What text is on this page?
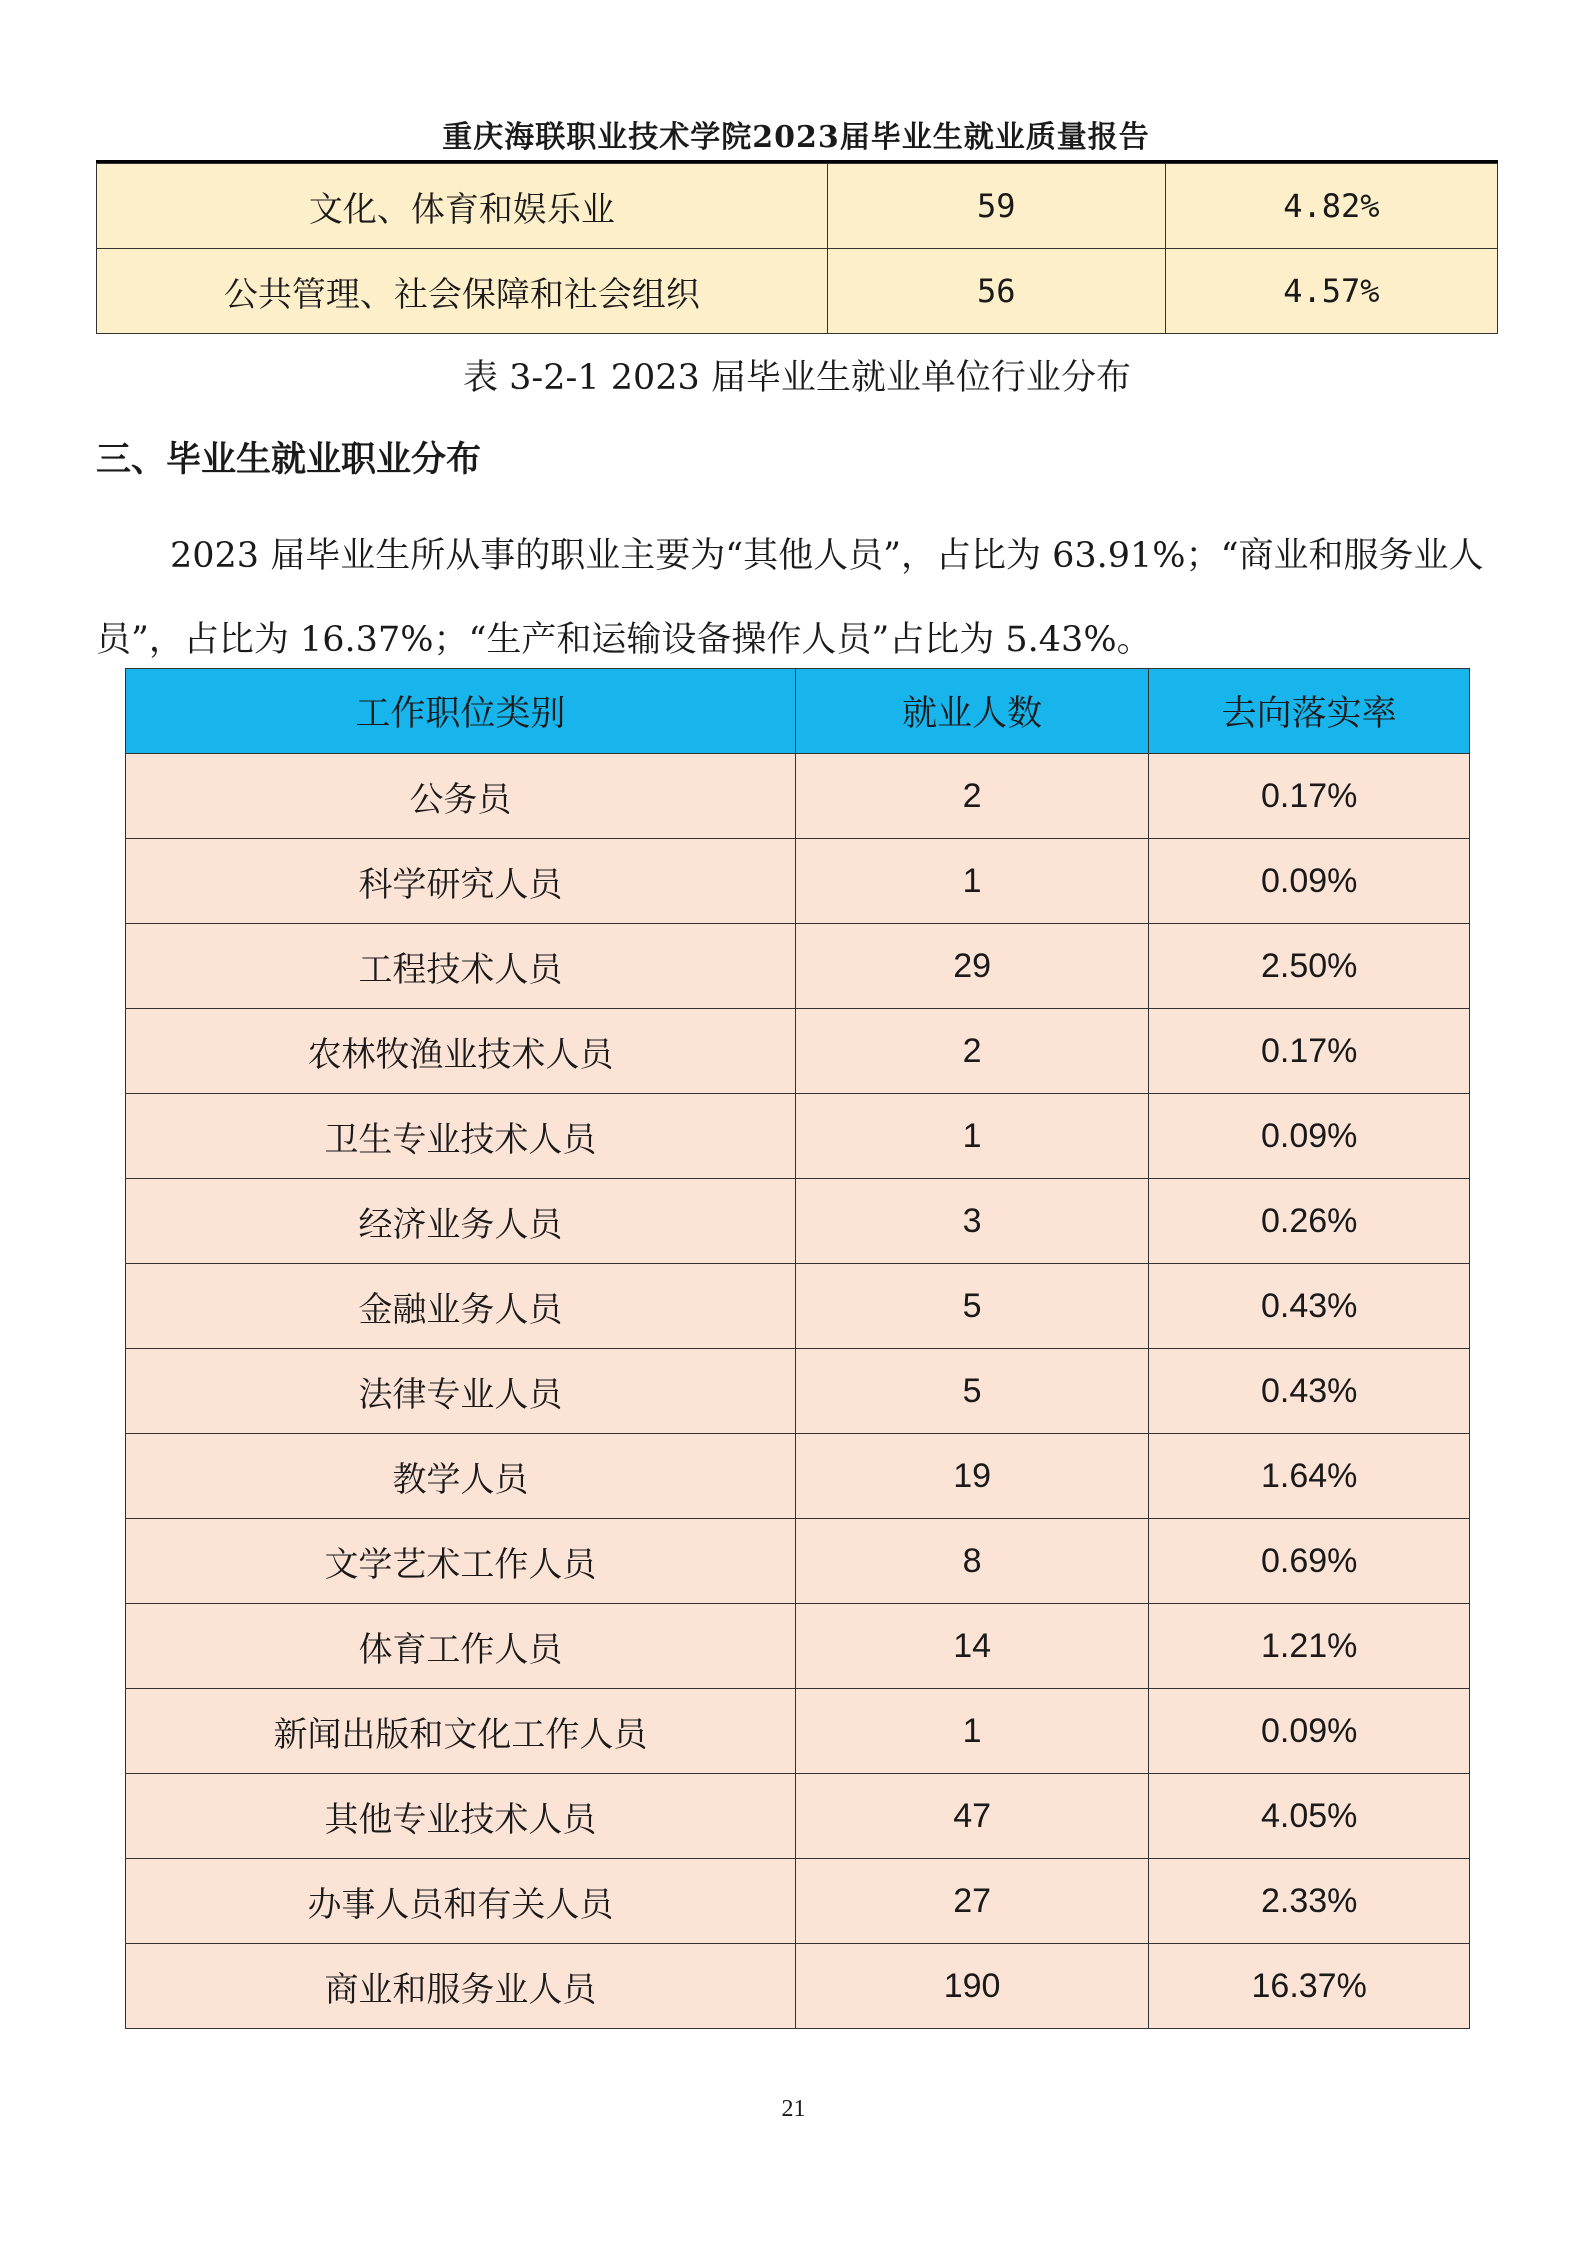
重庆海联职业技术学院2023届毕业生就业质量报告
文化、体育和娱乐业	59	4.82%
公共管理、社会保障和社会组织	56	4.57%
表 3-2-1 2023 届毕业生就业单位行业分布
三、毕业生就业职业分布
2023 届毕业生所从事的职业主要为“其他人员”，占比为 63.91%；“商业和服务业人员”，占比为 16.37%；“生产和运输设备操作人员”占比为 5.43%。
工作职位类别	就业人数	去向落实率
公务员	2	0.17%
科学研究人员	1	0.09%
工程技术人员	29	2.50%
农林牧渔业技术人员	2	0.17%
卫生专业技术人员	1	0.09%
经济业务人员	3	0.26%
金融业务人员	5	0.43%
法律专业人员	5	0.43%
教学人员	19	1.64%
文学艺术工作人员	8	0.69%
体育工作人员	14	1.21%
新闻出版和文化工作人员	1	0.09%
其他专业技术人员	47	4.05%
办事人员和有关人员	27	2.33%
商业和服务业人员	190	16.37%
21
